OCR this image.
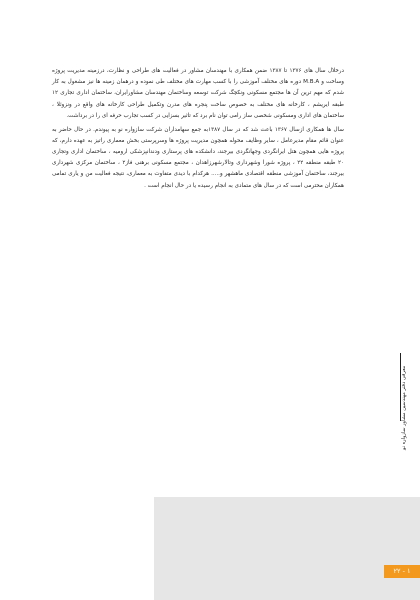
درخلال سال های ۱۳۷۶ تا ۱۳۸۷ ضمن همکاری با مهندسان مشاور در فعالیت های طراحی و نظارت، درزمینه مدیریت پروژه وساخت و M.B.A دوره های مختلف آموزشی را با کسب مهارت های مختلف طی نموده و درهمان زمینه ها نیز مشغول به کار شدم که مهم ترین آن ها مجتمع مسکونی ونکچگ شرکت توسعه وساختمان مهندسان مشاورایران، ساختمان اداری تجاری ۱۲ طبقه ایریشم ، کارخانه های مختلف به خصوص ساخت پنجره های مدرن وتکمیل طراحی کارخانه های واقع در ونزوئلا ، ساختمان های اداری ومسکونی شخصی ساز رامی توان نام برد که تاثیر بسزایی در کسب تجارب حرفه ای را در برداشت.

سال ها همکاری ازسال ۱۳۶۷ باعث شد که در سال ۱۳۸۷به جمع سهامداران شرکت سازواره نو به پیوندم. در حال حاضر به عنوان قائم مقام مدیرعامل ، سایر وظایف محوله همچون مدیریت پروژه ها وسرپرستی بخش معماری راتیز به عهده دارم، که پروژه هایی همچون هتل ایرانگردی وجهانگردی بیرجند، دانشکده های پرستاری ودندانپزشکی ارومیه ، ساختمان اداری وتجاری ۲۰ طبقه منطقه ۲۲ ، پروژه شورا وشهرداری وتالارشهرزاهدان ، مجتمع مسکونی برهنی فاز۲ ، ساختمان مرکزی شهرداری بیرجند، ساختمان آموزشی منطقه اقتصادی ماهشهر و..... هرکدام با دیدی متفاوت به معماری، نتیجه فعالیت من و یاری تمامی همکاران محترمی است که در سال های متمادی به انجام رسیده یا در حال انجام است .

معرفی دفتر مهندسین مشاور سازواره نو
۲۲ - ۱
